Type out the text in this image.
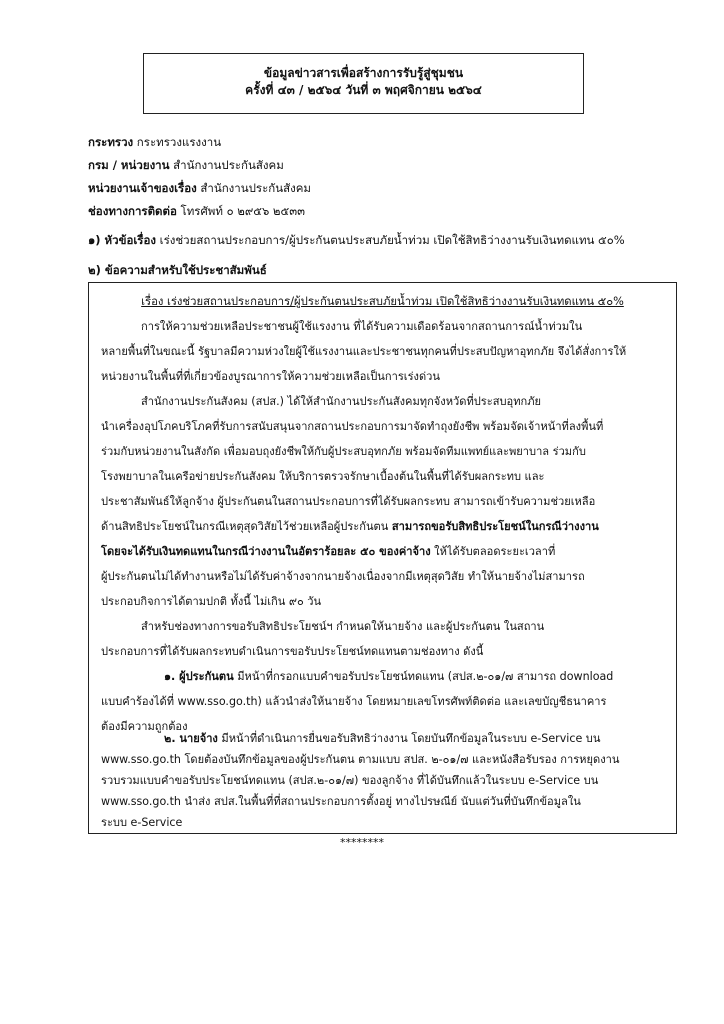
ข้อมูลข่าวสารเพื่อสร้างการรับรู้สู่ชุมชน
ครั้งที่ ๔๓ / ๒๕๖๔ วันที่ ๓ พฤศจิกายน ๒๕๖๔
กระทรวง กระทรวงแรงงาน
กรม / หน่วยงาน สำนักงานประกันสังคม
หน่วยงานเจ้าของเรื่อง สำนักงานประกันสังคม
ช่องทางการติดต่อ โทรศัพท์ ๐ ๒๙๕๖ ๒๕๓๓
๑) หัวข้อเรื่อง เร่งช่วยสถานประกอบการ/ผู้ประกันตนประสบภัยน้ำท่วม เปิดใช้สิทธิว่างงานรับเงินทดแทน ๕๐%
๒) ข้อความสำหรับใช้ประชาสัมพันธ์
เรื่อง เร่งช่วยสถานประกอบการ/ผู้ประกันตนประสบภัยน้ำท่วม เปิดใช้สิทธิว่างงานรับเงินทดแทน ๕๐%
การให้ความช่วยเหลือประชาชนผู้ใช้แรงงาน ที่ได้รับความเดือดร้อนจากสถานการณ์น้ำท่วมใน
หลายพื้นที่ในขณะนี้ รัฐบาลมีความห่วงใยผู้ใช้แรงงานและประชาชนทุกคนที่ประสบปัญหาอุทกภัย จึงได้สั่งการให้
หน่วยงานในพื้นที่ที่เกี่ยวข้องบูรณาการให้ความช่วยเหลือเป็นการเร่งด่วน
สำนักงานประกันสังคม (สปส.) ได้ให้สำนักงานประกันสังคมทุกจังหวัดที่ประสบอุทกภัย
นำเครื่องอุปโภคบริโภคที่รับการสนับสนุนจากสถานประกอบการมาจัดทำถุงยังชีพ พร้อมจัดเจ้าหน้าที่ลงพื้นที่
ร่วมกับหน่วยงานในสังกัด เพื่อมอบถุงยังชีพให้กับผู้ประสบอุทกภัย พร้อมจัดทีมแพทย์และพยาบาล ร่วมกับ
โรงพยาบาลในเครือข่ายประกันสังคม ให้บริการตรวจรักษาเบื้องต้นในพื้นที่ได้รับผลกระทบ และ
ประชาสัมพันธ์ให้ลูกจ้าง ผู้ประกันตนในสถานประกอบการที่ได้รับผลกระทบ สามารถเข้ารับความช่วยเหลือ
ด้านสิทธิประโยชน์ในกรณีเหตุสุดวิสัยไว้ช่วยเหลือผู้ประกันตน สามารถขอรับสิทธิประโยชน์ในกรณีว่างงาน
โดยจะได้รับเงินทดแทนในกรณีว่างงานในอัตราร้อยละ ๕๐ ของค่าจ้าง ให้ได้รับตลอดระยะเวลาที่
ผู้ประกันตนไม่ได้ทำงานหรือไม่ได้รับค่าจ้างจากนายจ้างเนื่องจากมีเหตุสุดวิสัย ทำให้นายจ้างไม่สามารถ
ประกอบกิจการได้ตามปกติ ทั้งนี้ ไม่เกิน ๙๐ วัน
สำหรับช่องทางการขอรับสิทธิประโยชน์ฯ กำหนดให้นายจ้าง และผู้ประกันตน ในสถาน
ประกอบการที่ได้รับผลกระทบดำเนินการขอรับประโยชน์ทดแทนตามช่องทาง ดังนี้
๑. ผู้ประกันตน มีหน้าที่กรอกแบบคำขอรับประโยชน์ทดแทน (สปส.๒-๐๑/๗ สามารถ download
แบบคำร้องได้ที่ www.sso.go.th) แล้วนำส่งให้นายจ้าง โดยหมายเลขโทรศัพท์ติดต่อ และเลขบัญชีธนาคาร
ต้องมีความถูกต้อง
๒. นายจ้าง มีหน้าที่ดำเนินการยื่นขอรับสิทธิว่างงาน โดยบันทึกข้อมูลในระบบ e-Service บน
www.sso.go.th โดยต้องบันทึกข้อมูลของผู้ประกันตน ตามแบบ สปส. ๒-๐๑/๗ และหนังสือรับรอง การหยุดงาน
รวบรวมแบบคำขอรับประโยชน์ทดแทน (สปส.๒-๐๑/๗) ของลูกจ้าง ที่ได้บันทึกแล้วในระบบ e-Service บน
www.sso.go.th นำส่ง สปส.ในพื้นที่ที่สถานประกอบการตั้งอยู่ ทางไปรษณีย์ นับแต่วันที่บันทึกข้อมูลใน
ระบบ e-Service
********
